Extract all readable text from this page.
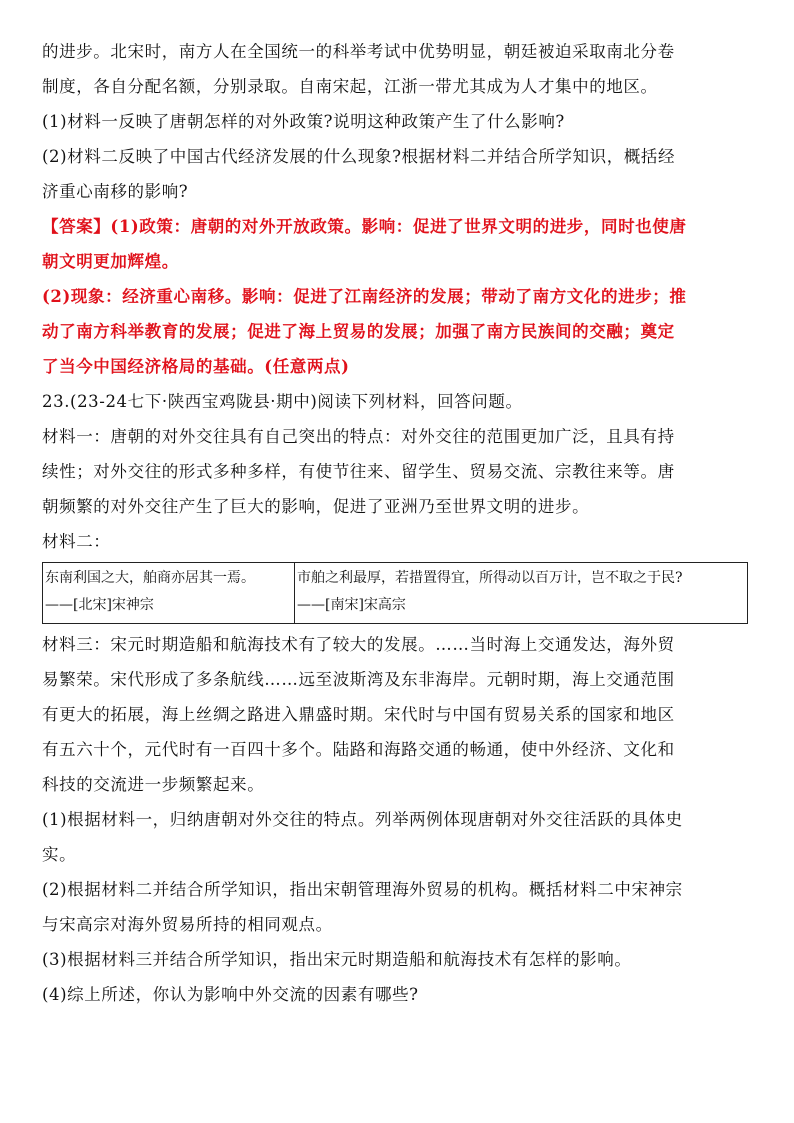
的进步。北宋时，南方人在全国统一的科举考试中优势明显，朝廷被迫采取南北分卷

制度，各自分配名额，分别录取。自南宋起，江浙一带尤其成为人才集中的地区。

(1)材料一反映了唐朝怎样的对外政策?说明这种政策产生了什么影响?

(2)材料二反映了中国古代经济发展的什么现象?根据材料二并结合所学知识，概括经

济重心南移的影响?

【答案】(1)政策：唐朝的对外开放政策。影响：促进了世界文明的进步，同时也使唐

朝文明更加辉煌。

(2)现象：经济重心南移。影响：促进了江南经济的发展；带动了南方文化的进步；推

动了南方科举教育的发展；促进了海上贸易的发展；加强了南方民族间的交融；奠定

了当今中国经济格局的基础。(任意两点)

23.(23-24七下·陕西宝鸡陇县·期中)阅读下列材料，回答问题。

材料一：唐朝的对外交往具有自己突出的特点：对外交往的范围更加广泛，且具有持

续性；对外交往的形式多种多样，有使节往来、留学生、贸易交流、宗教往来等。唐

朝频繁的对外交往产生了巨大的影响，促进了亚洲乃至世界文明的进步。

材料二：

东南利国之大，舶商亦居其一焉。
——[北宋]宋神宗

市舶之利最厚，若措置得宜，所得动以百万计，岂不取之于民?
——[南宋]宋高宗

材料三：宋元时期造船和航海技术有了较大的发展。……当时海上交通发达，海外贸

易繁荣。宋代形成了多条航线……远至波斯湾及东非海岸。元朝时期，海上交通范围

有更大的拓展，海上丝绸之路进入鼎盛时期。宋代时与中国有贸易关系的国家和地区

有五六十个，元代时有一百四十多个。陆路和海路交通的畅通，使中外经济、文化和

科技的交流进一步频繁起来。

(1)根据材料一，归纳唐朝对外交往的特点。列举两例体现唐朝对外交往活跃的具体史

实。

(2)根据材料二并结合所学知识，指出宋朝管理海外贸易的机构。概括材料二中宋神宗

与宋高宗对海外贸易所持的相同观点。

(3)根据材料三并结合所学知识，指出宋元时期造船和航海技术有怎样的影响。

(4)综上所述，你认为影响中外交流的因素有哪些?
